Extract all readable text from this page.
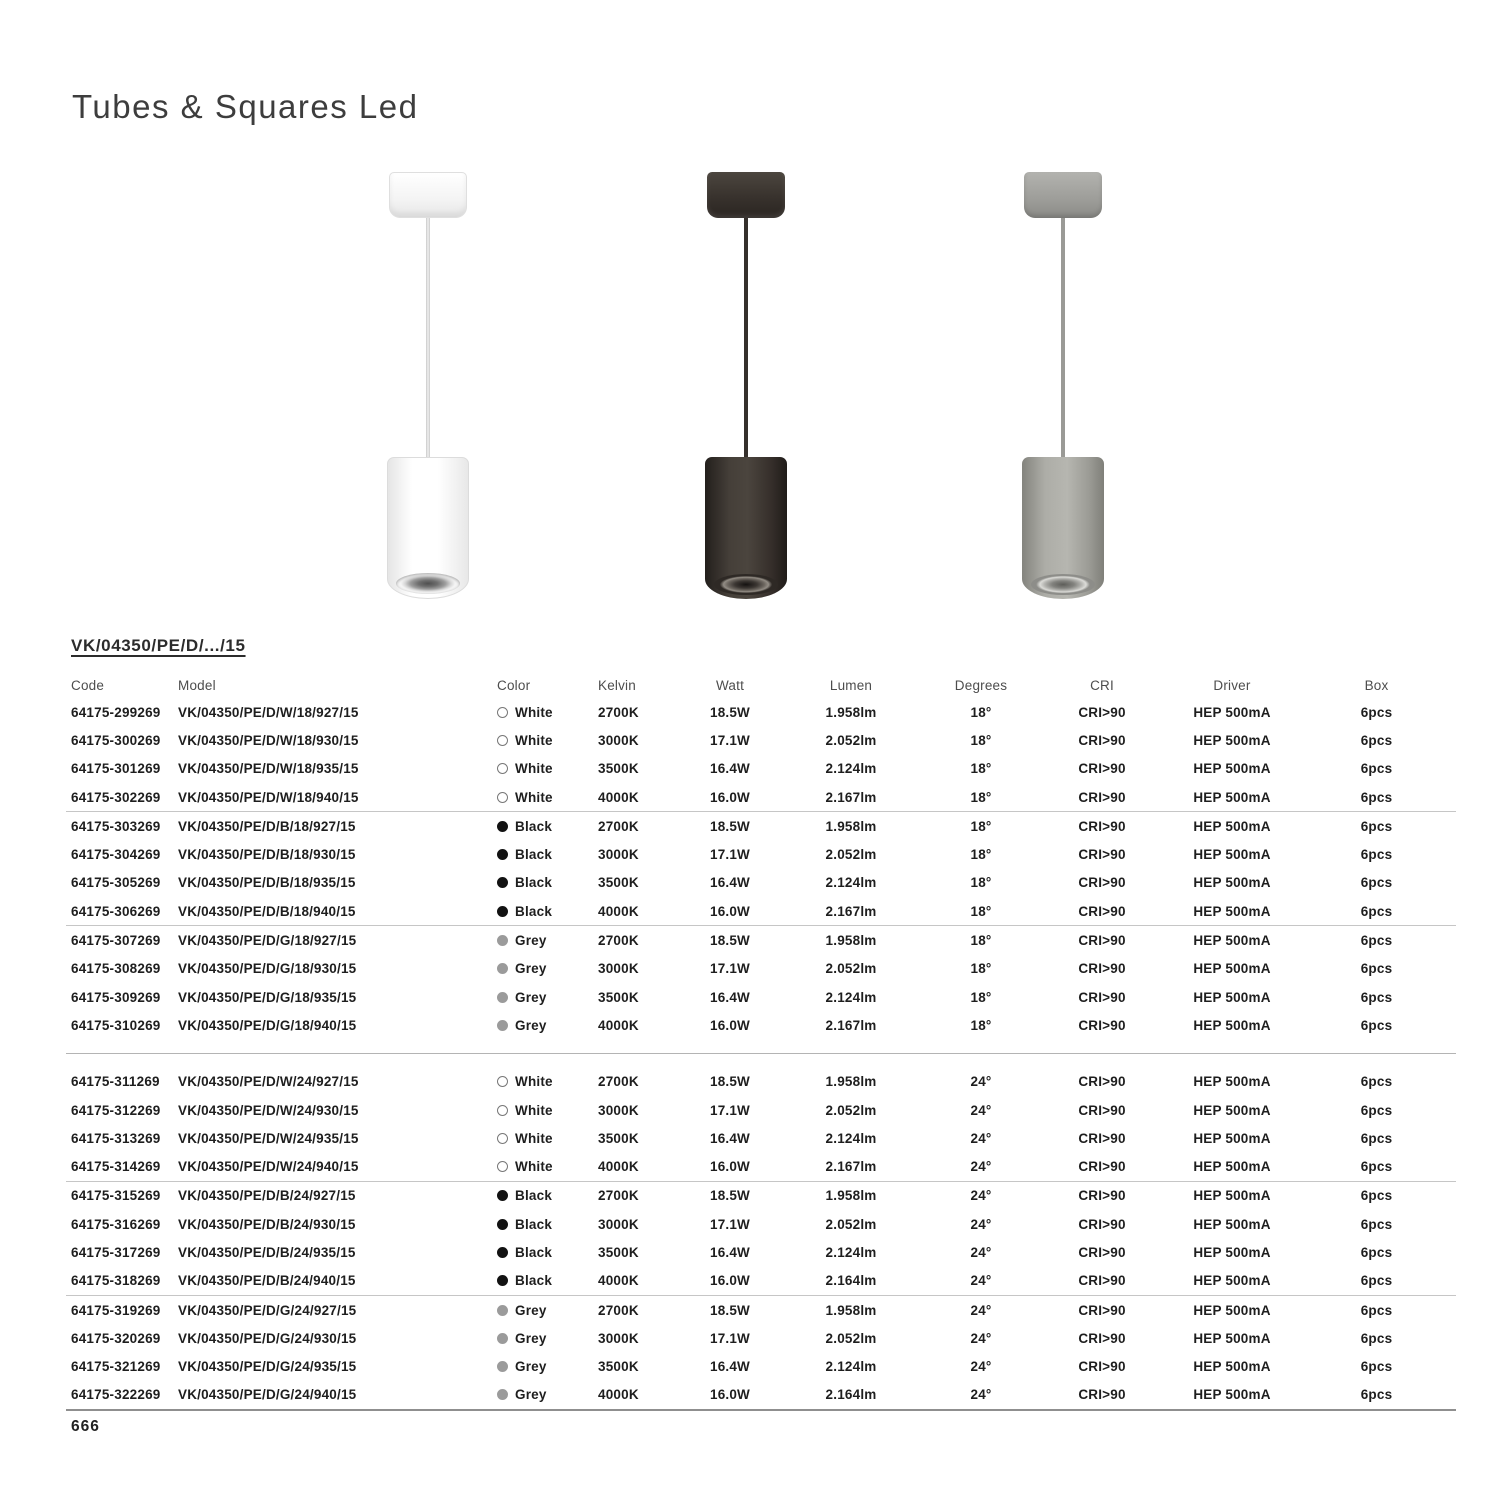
Tubes & Squares Led
VK/04350/PE/D/.../15
Code	Model	Color	Kelvin	Watt	Lumen	Degrees	CRI	Driver	Box
64175-299269	VK/04350/PE/D/W/18/927/15	White	2700K	18.5W	1.958lm	18°	CRI>90	HEP 500mA	6pcs
64175-300269	VK/04350/PE/D/W/18/930/15	White	3000K	17.1W	2.052lm	18°	CRI>90	HEP 500mA	6pcs
64175-301269	VK/04350/PE/D/W/18/935/15	White	3500K	16.4W	2.124lm	18°	CRI>90	HEP 500mA	6pcs
64175-302269	VK/04350/PE/D/W/18/940/15	White	4000K	16.0W	2.167lm	18°	CRI>90	HEP 500mA	6pcs
64175-303269	VK/04350/PE/D/B/18/927/15	Black	2700K	18.5W	1.958lm	18°	CRI>90	HEP 500mA	6pcs
64175-304269	VK/04350/PE/D/B/18/930/15	Black	3000K	17.1W	2.052lm	18°	CRI>90	HEP 500mA	6pcs
64175-305269	VK/04350/PE/D/B/18/935/15	Black	3500K	16.4W	2.124lm	18°	CRI>90	HEP 500mA	6pcs
64175-306269	VK/04350/PE/D/B/18/940/15	Black	4000K	16.0W	2.167lm	18°	CRI>90	HEP 500mA	6pcs
64175-307269	VK/04350/PE/D/G/18/927/15	Grey	2700K	18.5W	1.958lm	18°	CRI>90	HEP 500mA	6pcs
64175-308269	VK/04350/PE/D/G/18/930/15	Grey	3000K	17.1W	2.052lm	18°	CRI>90	HEP 500mA	6pcs
64175-309269	VK/04350/PE/D/G/18/935/15	Grey	3500K	16.4W	2.124lm	18°	CRI>90	HEP 500mA	6pcs
64175-310269	VK/04350/PE/D/G/18/940/15	Grey	4000K	16.0W	2.167lm	18°	CRI>90	HEP 500mA	6pcs
64175-311269	VK/04350/PE/D/W/24/927/15	White	2700K	18.5W	1.958lm	24°	CRI>90	HEP 500mA	6pcs
64175-312269	VK/04350/PE/D/W/24/930/15	White	3000K	17.1W	2.052lm	24°	CRI>90	HEP 500mA	6pcs
64175-313269	VK/04350/PE/D/W/24/935/15	White	3500K	16.4W	2.124lm	24°	CRI>90	HEP 500mA	6pcs
64175-314269	VK/04350/PE/D/W/24/940/15	White	4000K	16.0W	2.167lm	24°	CRI>90	HEP 500mA	6pcs
64175-315269	VK/04350/PE/D/B/24/927/15	Black	2700K	18.5W	1.958lm	24°	CRI>90	HEP 500mA	6pcs
64175-316269	VK/04350/PE/D/B/24/930/15	Black	3000K	17.1W	2.052lm	24°	CRI>90	HEP 500mA	6pcs
64175-317269	VK/04350/PE/D/B/24/935/15	Black	3500K	16.4W	2.124lm	24°	CRI>90	HEP 500mA	6pcs
64175-318269	VK/04350/PE/D/B/24/940/15	Black	4000K	16.0W	2.164lm	24°	CRI>90	HEP 500mA	6pcs
64175-319269	VK/04350/PE/D/G/24/927/15	Grey	2700K	18.5W	1.958lm	24°	CRI>90	HEP 500mA	6pcs
64175-320269	VK/04350/PE/D/G/24/930/15	Grey	3000K	17.1W	2.052lm	24°	CRI>90	HEP 500mA	6pcs
64175-321269	VK/04350/PE/D/G/24/935/15	Grey	3500K	16.4W	2.124lm	24°	CRI>90	HEP 500mA	6pcs
64175-322269	VK/04350/PE/D/G/24/940/15	Grey	4000K	16.0W	2.164lm	24°	CRI>90	HEP 500mA	6pcs
666
